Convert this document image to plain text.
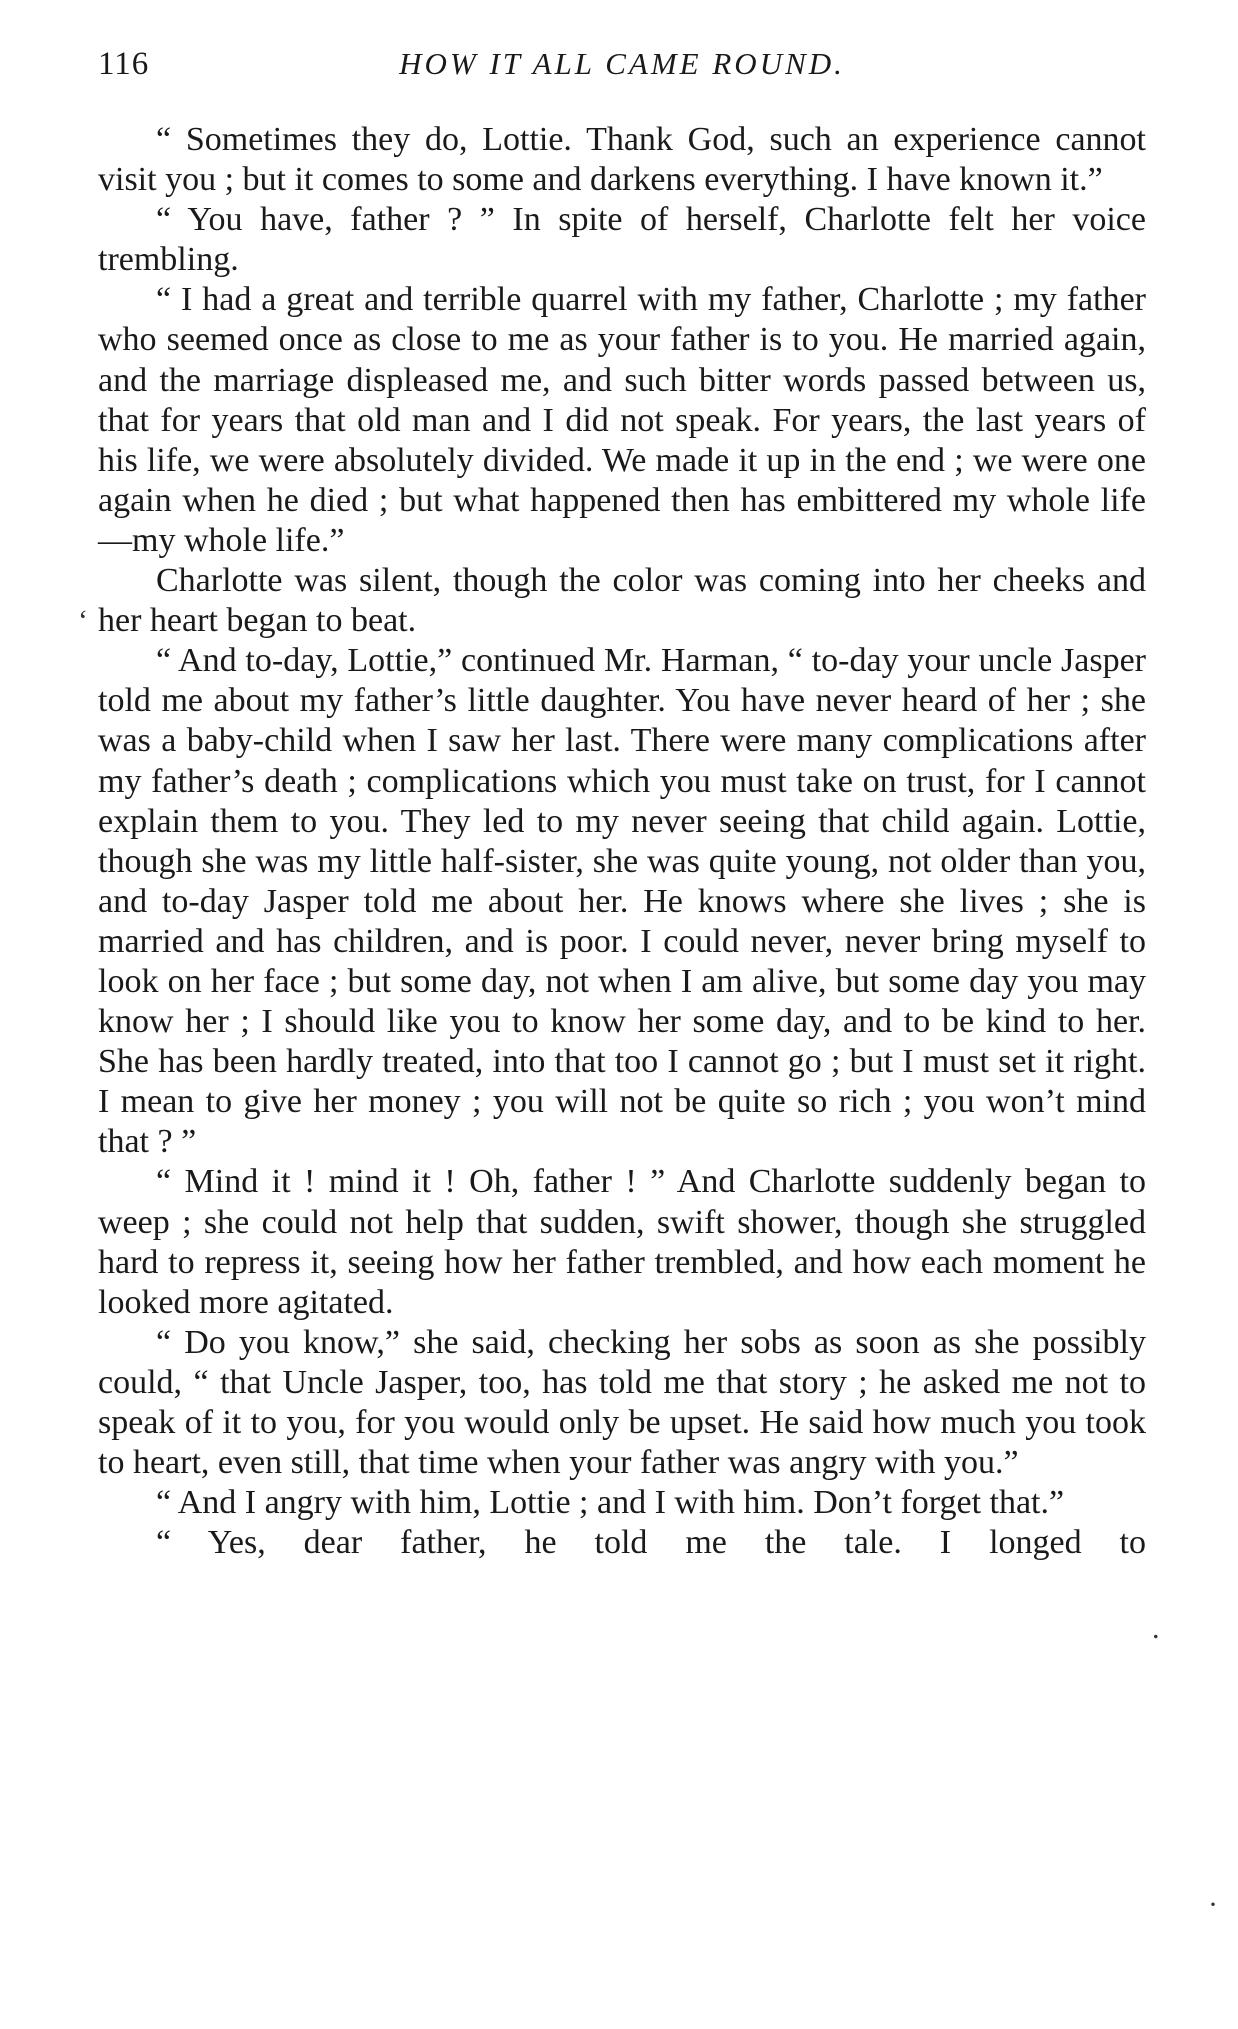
116	HOW IT ALL CAME ROUND.

“ Sometimes they do, Lottie. Thank God, such an experience cannot visit you ; but it comes to some and darkens everything. I have known it.”

“ You have, father ? ” In spite of herself, Charlotte felt her voice trembling.

“ I had a great and terrible quarrel with my father, Charlotte ; my father who seemed once as close to me as your father is to you. He married again, and the marriage displeased me, and such bitter words passed between us, that for years that old man and I did not speak. For years, the last years of his life, we were absolutely divided. We made it up in the end ; we were one again when he died ; but what happened then has embittered my whole life—my whole life.”

Charlotte was silent, though the color was coming into her cheeks and her heart began to beat.

“ And to-day, Lottie,” continued Mr. Harman, “ to-day your uncle Jasper told me about my father’s little daughter. You have never heard of her ; she was a baby-child when I saw her last. There were many complications after my father’s death ; complications which you must take on trust, for I cannot explain them to you. They led to my never seeing that child again. Lottie, though she was my little half-sister, she was quite young, not older than you, and to-day Jasper told me about her. He knows where she lives ; she is married and has children, and is poor. I could never, never bring myself to look on her face ; but some day, not when I am alive, but some day you may know her ; I should like you to know her some day, and to be kind to her. She has been hardly treated, into that too I cannot go ; but I must set it right. I mean to give her money ; you will not be quite so rich ; you won’t mind that ? ”

“ Mind it ! mind it ! Oh, father ! ” And Charlotte suddenly began to weep ; she could not help that sudden, swift shower, though she struggled hard to repress it, seeing how her father trembled, and how each moment he looked more agitated.

“ Do you know,” she said, checking her sobs as soon as she possibly could, “ that Uncle Jasper, too, has told me that story ; he asked me not to speak of it to you, for you would only be upset. He said how much you took to heart, even still, that time when your father was angry with you.”

“ And I angry with him, Lottie ; and I with him. Don’t forget that.”

“ Yes, dear father, he told me the tale. I longed to

‘
.
·
